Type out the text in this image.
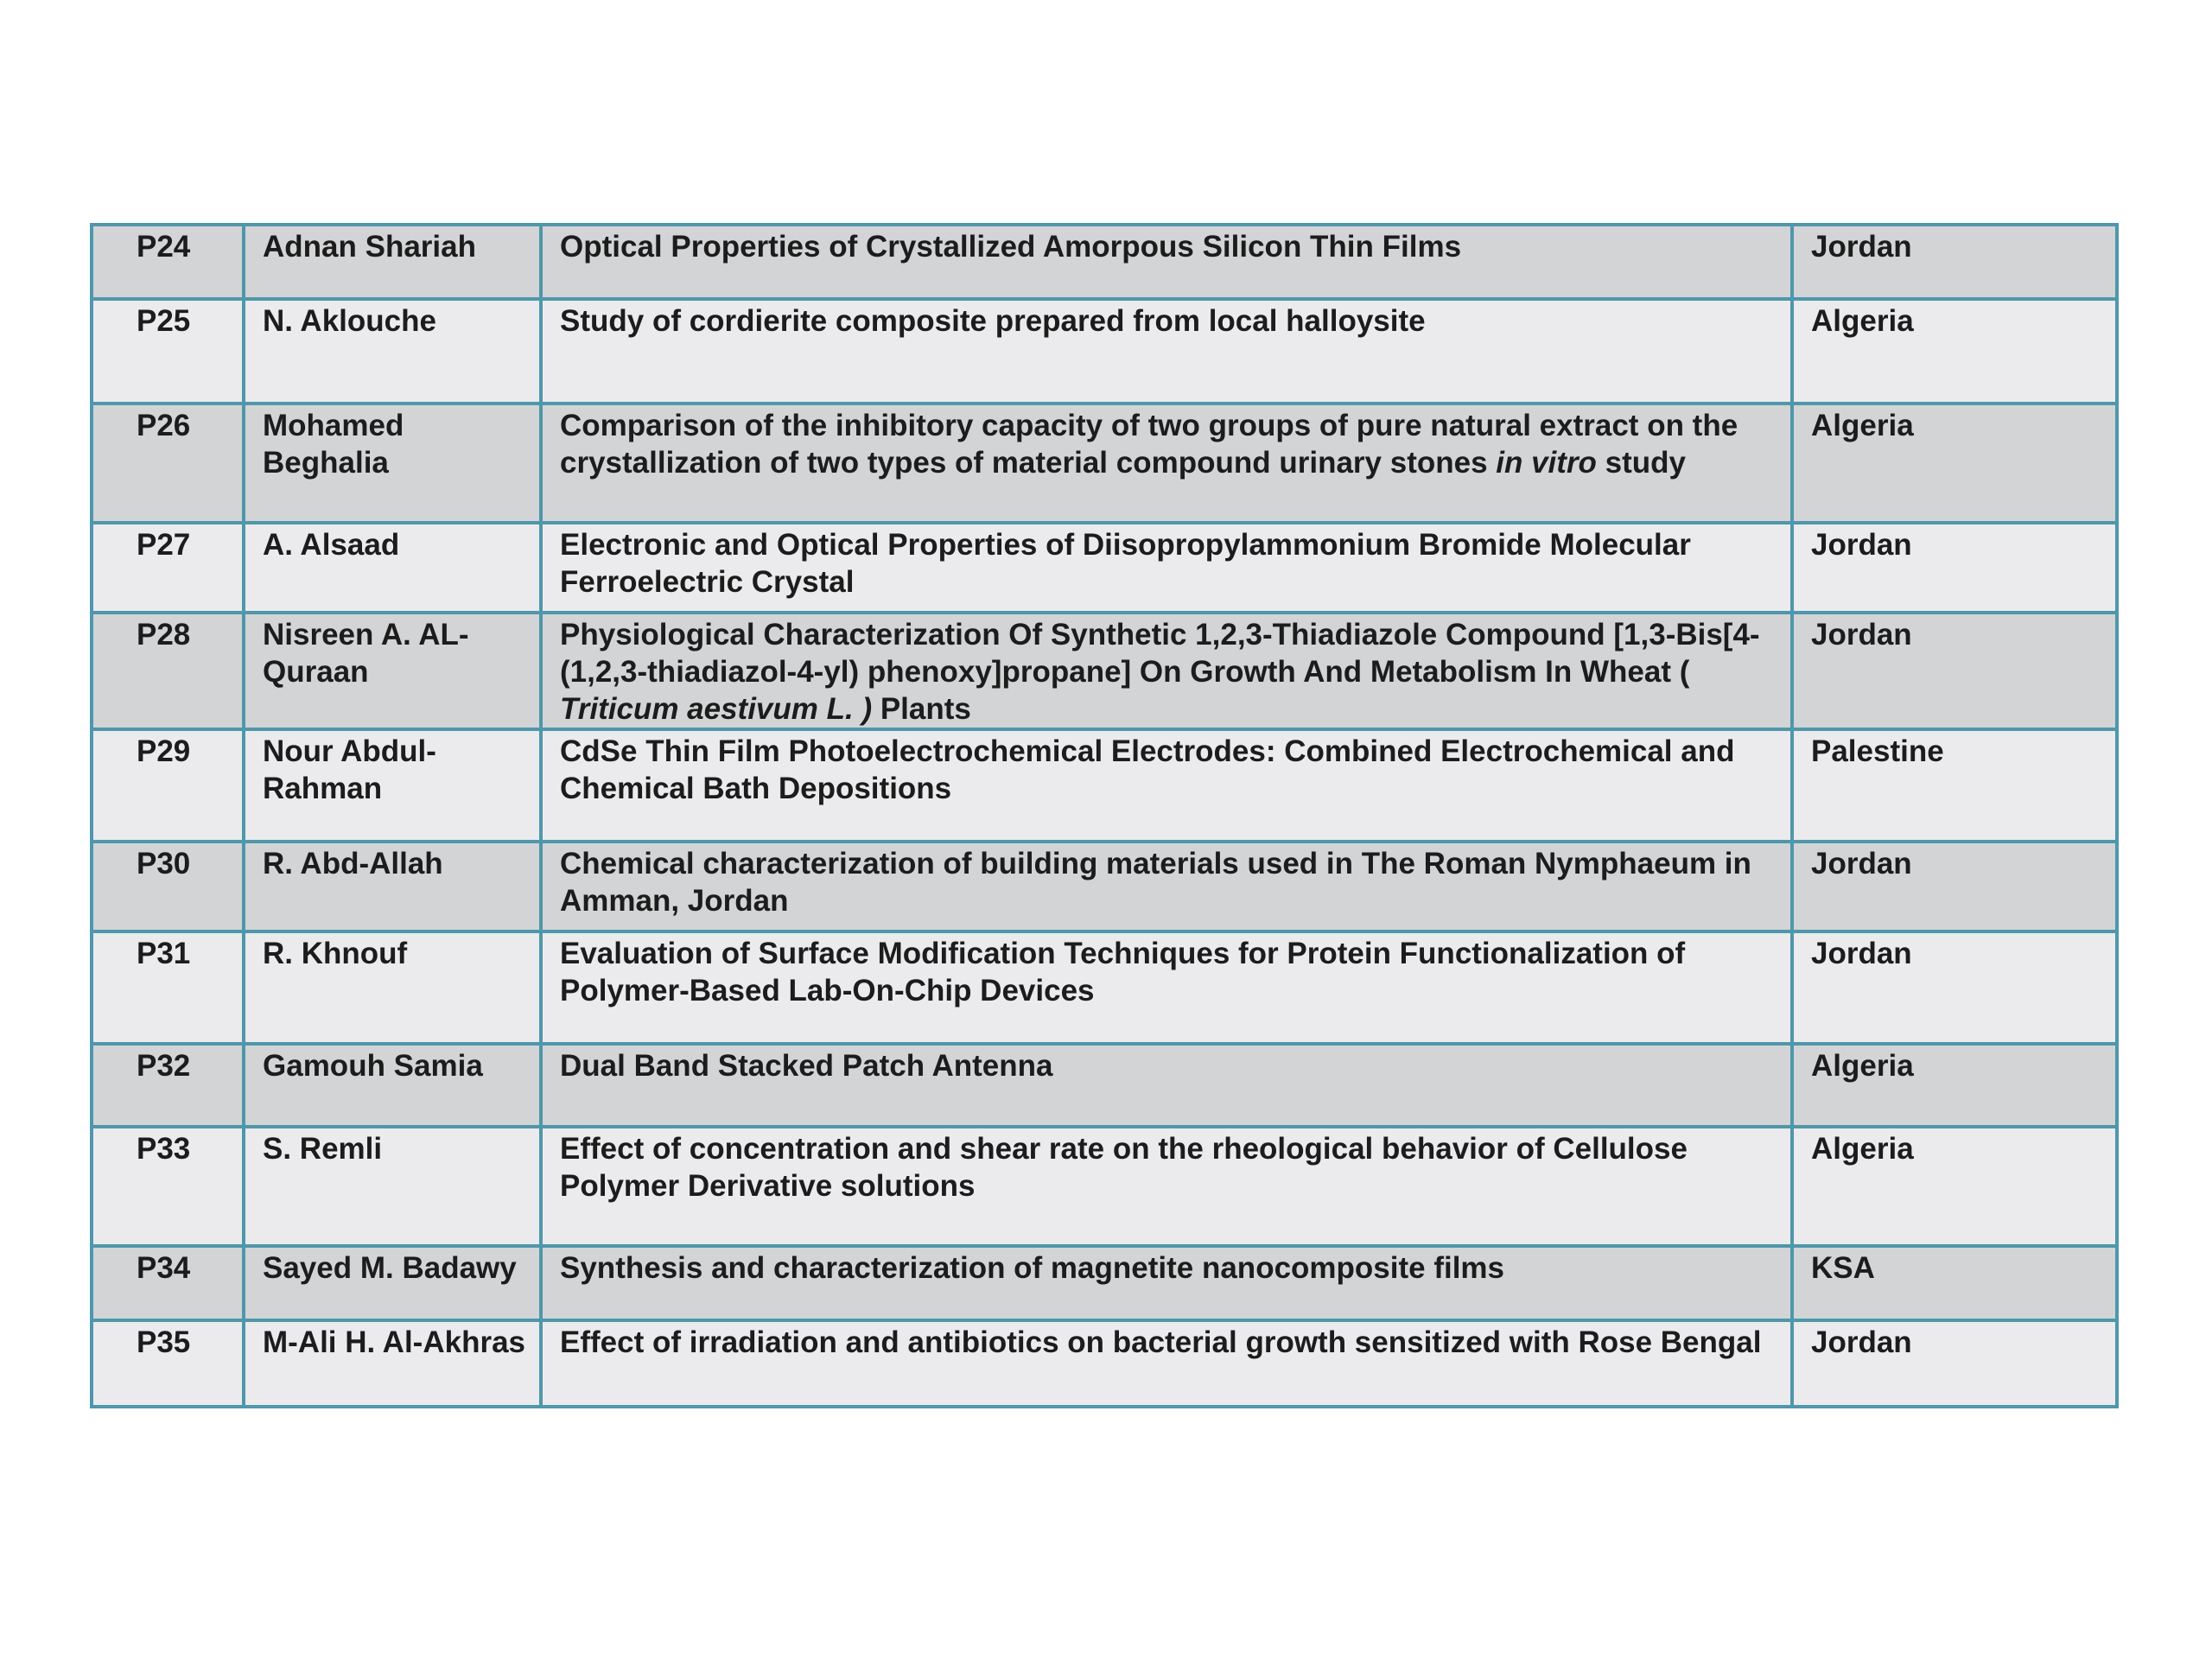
P24	Adnan Shariah	Optical Properties of Crystallized Amorpous Silicon Thin Films	Jordan
P25	N. Aklouche	Study of cordierite composite prepared from local halloysite	Algeria
P26	Mohamed Beghalia	Comparison of the inhibitory capacity of two groups of pure natural extract on the crystallization of two types of material compound urinary stones in vitro study	Algeria
P27	A. Alsaad	Electronic and Optical Properties of Diisopropylammonium Bromide Molecular Ferroelectric Crystal	Jordan
P28	Nisreen A. AL-Quraan	Physiological Characterization Of Synthetic 1,2,3-Thiadiazole Compound [1,3-Bis[4-(1,2,3-thiadiazol-4-yl) phenoxy]propane] On Growth And Metabolism In Wheat ( Triticum aestivum L. ) Plants	Jordan
P29	Nour Abdul-Rahman	CdSe Thin Film Photoelectrochemical Electrodes: Combined Electrochemical and Chemical Bath Depositions	Palestine
P30	R. Abd-Allah	Chemical characterization of building materials used in The Roman Nymphaeum in Amman, Jordan	Jordan
P31	R. Khnouf	Evaluation of Surface Modification Techniques for Protein Functionalization of Polymer-Based Lab-On-Chip Devices	Jordan
P32	Gamouh Samia	Dual Band Stacked Patch Antenna	Algeria
P33	S. Remli	Effect of concentration and shear rate on the rheological behavior of Cellulose Polymer Derivative solutions	Algeria
P34	Sayed M. Badawy	Synthesis and characterization of magnetite nanocomposite films	KSA
P35	M-Ali H. Al-Akhras	Effect of irradiation and antibiotics on bacterial growth sensitized with Rose Bengal	Jordan
